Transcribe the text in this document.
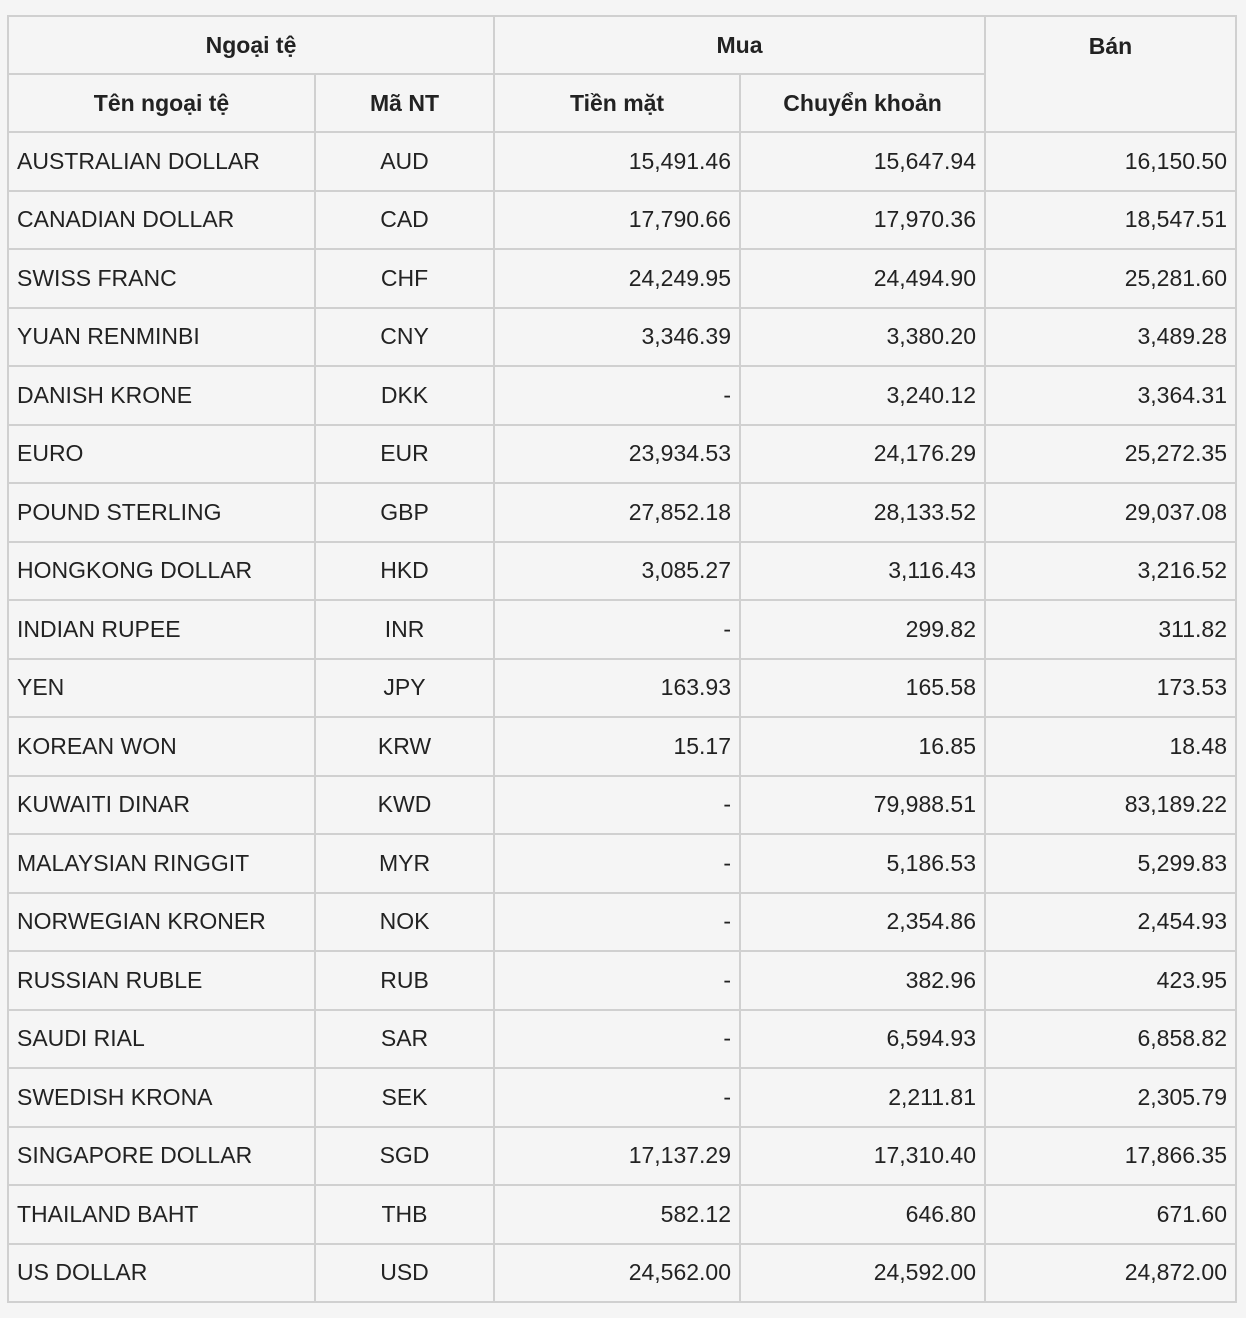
Ngoại tệ		Mua		Bán
Tên ngoại tệ	Mã NT	Tiền mặt	Chuyển khoản	
AUSTRALIAN DOLLAR	AUD	15,491.46	15,647.94	16,150.50
CANADIAN DOLLAR	CAD	17,790.66	17,970.36	18,547.51
SWISS FRANC	CHF	24,249.95	24,494.90	25,281.60
YUAN RENMINBI	CNY	3,346.39	3,380.20	3,489.28
DANISH KRONE	DKK	-	3,240.12	3,364.31
EURO	EUR	23,934.53	24,176.29	25,272.35
POUND STERLING	GBP	27,852.18	28,133.52	29,037.08
HONGKONG DOLLAR	HKD	3,085.27	3,116.43	3,216.52
INDIAN RUPEE	INR	-	299.82	311.82
YEN	JPY	163.93	165.58	173.53
KOREAN WON	KRW	15.17	16.85	18.48
KUWAITI DINAR	KWD	-	79,988.51	83,189.22
MALAYSIAN RINGGIT	MYR	-	5,186.53	5,299.83
NORWEGIAN KRONER	NOK	-	2,354.86	2,454.93
RUSSIAN RUBLE	RUB	-	382.96	423.95
SAUDI RIAL	SAR	-	6,594.93	6,858.82
SWEDISH KRONA	SEK	-	2,211.81	2,305.79
SINGAPORE DOLLAR	SGD	17,137.29	17,310.40	17,866.35
THAILAND BAHT	THB	582.12	646.80	671.60
US DOLLAR	USD	24,562.00	24,592.00	24,872.00
